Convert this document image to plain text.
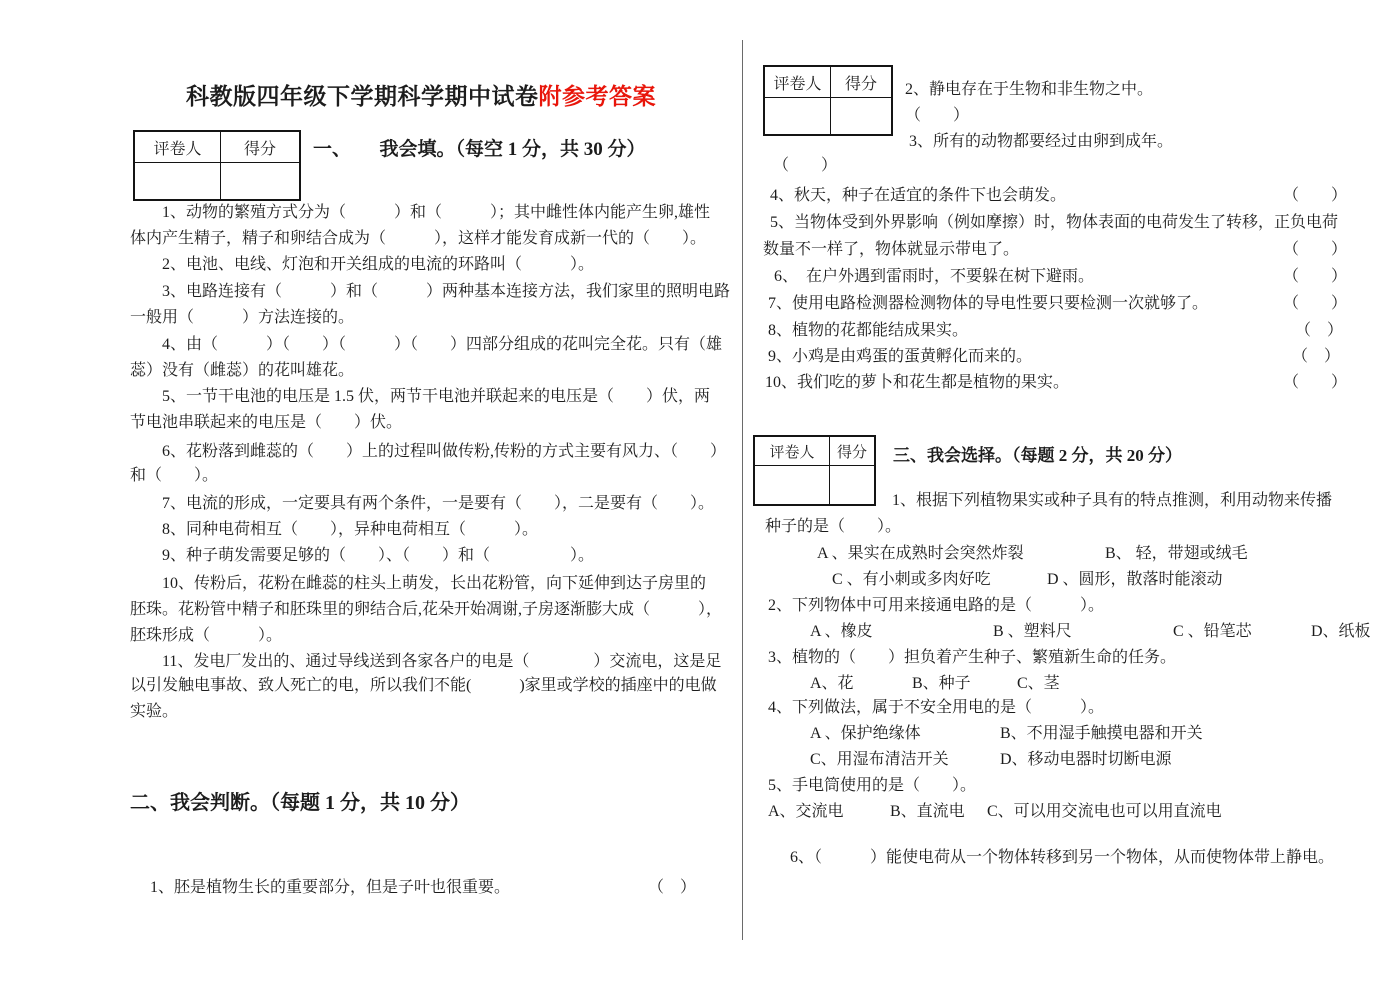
科教版四年级下学期科学期中试卷附参考答案
评卷人	得分
	一、　　我会填。（每空 1 分，共 30 分）
　　1、动物的繁殖方式分为（　　　）和（　　　）；其中雌性体内能产生卵,雄性
体内产生精子，精子和卵结合成为（　　　），这样才能发育成新一代的（　　）。
　　2、电池、电线、灯泡和开关组成的电流的环路叫（　　　）。
　　3、电路连接有（　　　）和（　　　）两种基本连接方法，我们家里的照明电路
一般用（　　　）方法连接的。
　　4、由（　　　）（　　）（　　　）（　　）四部分组成的花叫完全花。只有（雄
蕊）没有（雌蕊）的花叫雄花。
　　5、一节干电池的电压是 1.5 伏，两节干电池并联起来的电压是（　　）伏，两
节电池串联起来的电压是（　　）伏。
　　6、花粉落到雌蕊的（　　）上的过程叫做传粉,传粉的方式主要有风力、（　　）
和（　　）。
　　7、电流的形成，一定要具有两个条件，一是要有（　　），二是要有（　　）。
　　8、同种电荷相互（　　），异种电荷相互（　　　）。
　　9、种子萌发需要足够的（　　）、（　　）和（　　　　　）。
　　10、传粉后，花粉在雌蕊的柱头上萌发，长出花粉管，向下延伸到达子房里的
胚珠。花粉管中精子和胚珠里的卵结合后,花朵开始凋谢,子房逐渐膨大成（　　　），
胚珠形成（　　　）。
　　11、发电厂发出的、通过导线送到各家各户的电是（　　　　）交流电，这是足
以引发触电事故、致人死亡的电，所以我们不能(　　　)家里或学校的插座中的电做
实验。
二、我会判断。（每题 1 分，共 10 分）
1、胚是植物生长的重要部分，但是子叶也很重要。	（　）
评卷人	得分
	2、静电存在于生物和非生物之中。
（　　）
3、所有的动物都要经过由卵到成年。
（　　）
4、秋天，种子在适宜的条件下也会萌发。	（　　）
5、当物体受到外界影响（例如摩擦）时，物体表面的电荷发生了转移，正负电荷
数量不一样了，物体就显示带电了。	（　　）
6、　在户外遇到雷雨时，不要躲在树下避雨。	（　　）
7、使用电路检测器检测物体的导电性要只要检测一次就够了。	（　　）
8、植物的花都能结成果实。	（　）
9、小鸡是由鸡蛋的蛋黄孵化而来的。	（　）
10、我们吃的萝卜和花生都是植物的果实。	（　　）
评卷人	得分
	三、我会选择。（每题 2 分，共 20 分）
1、根据下列植物果实或种子具有的特点推测，利用动物来传播
种子的是（　　）。
A 、果实在成熟时会突然炸裂	B、 轻，带翅或绒毛
C 、有小刺或多肉好吃	D 、圆形，散落时能滚动
2、下列物体中可用来接通电路的是（　　　）。
A 、橡皮	B 、塑料尺	C 、铅笔芯	D、纸板
3、植物的（　　）担负着产生种子、繁殖新生命的任务。
A、花	B、种子	C、茎
4、下列做法，属于不安全用电的是（　　　）。
A 、保护绝缘体	B、不用湿手触摸电器和开关
C、用湿布清洁开关	D、移动电器时切断电源
5、手电筒使用的是（　　）。
A、交流电	B、直流电 C、可以用交流电也可以用直流电
6、（　　　）能使电荷从一个物体转移到另一个物体，从而使物体带上静电。
